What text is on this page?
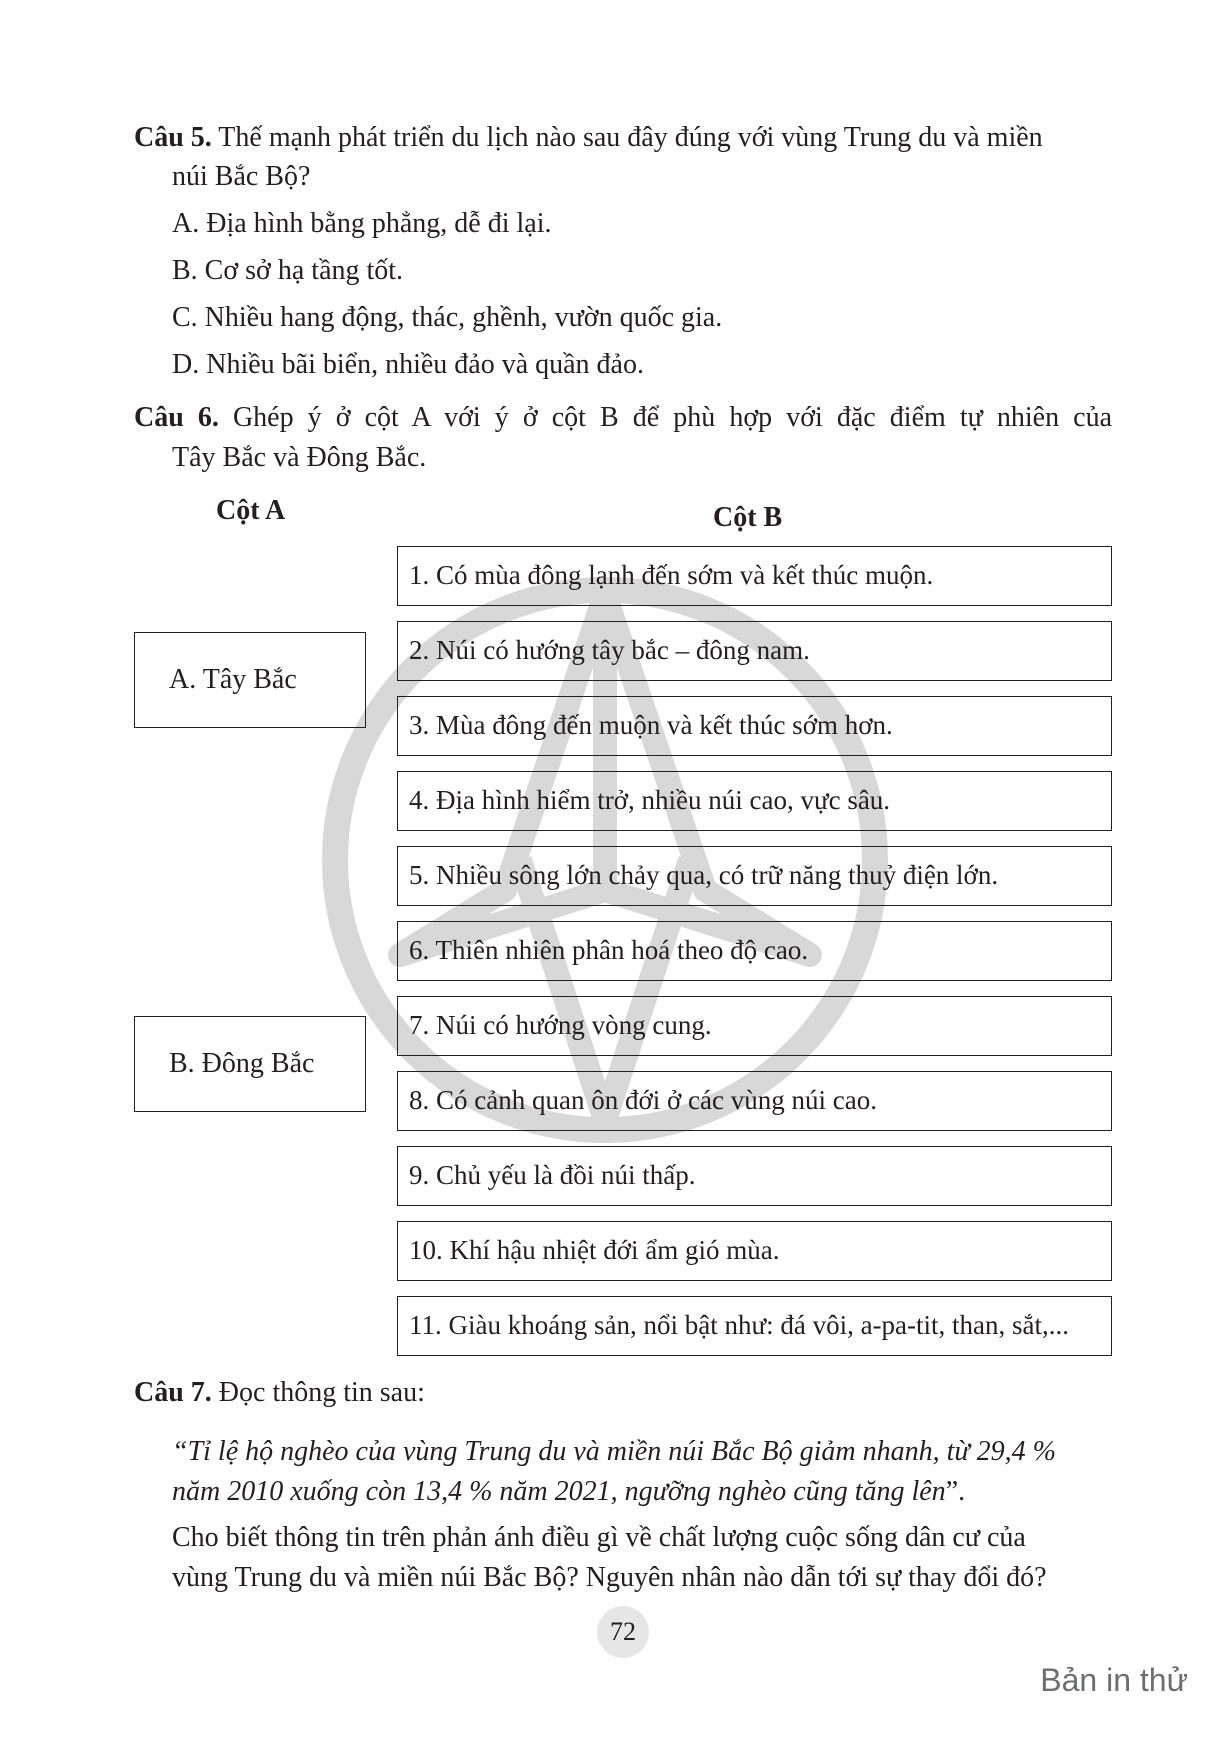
Câu 5. Thế mạnh phát triển du lịch nào sau đây đúng với vùng Trung du và miền
núi Bắc Bộ?
A. Địa hình bằng phẳng, dễ đi lại.
B. Cơ sở hạ tầng tốt.
C. Nhiều hang động, thác, ghềnh, vườn quốc gia.
D. Nhiều bãi biển, nhiều đảo và quần đảo.
Câu 6. Ghép ý ở cột A với ý ở cột B để phù hợp với đặc điểm tự nhiên của
Tây Bắc và Đông Bắc.
Cột A	Cột B
A. Tây Bắc
B. Đông Bắc
1. Có mùa đông lạnh đến sớm và kết thúc muộn.
2. Núi có hướng tây bắc – đông nam.
3. Mùa đông đến muộn và kết thúc sớm hơn.
4. Địa hình hiểm trở, nhiều núi cao, vực sâu.
5. Nhiều sông lớn chảy qua, có trữ năng thuỷ điện lớn.
6. Thiên nhiên phân hoá theo độ cao.
7. Núi có hướng vòng cung.
8. Có cảnh quan ôn đới ở các vùng núi cao.
9. Chủ yếu là đồi núi thấp.
10. Khí hậu nhiệt đới ẩm gió mùa.
11. Giàu khoáng sản, nổi bật như: đá vôi, a-pa-tit, than, sắt,...
Câu 7. Đọc thông tin sau:
“Tỉ lệ hộ nghèo của vùng Trung du và miền núi Bắc Bộ giảm nhanh, từ 29,4 %
năm 2010 xuống còn 13,4 % năm 2021, ngưỡng nghèo cũng tăng lên”.
Cho biết thông tin trên phản ánh điều gì về chất lượng cuộc sống dân cư của
vùng Trung du và miền núi Bắc Bộ? Nguyên nhân nào dẫn tới sự thay đổi đó?
72
Bản in thử
